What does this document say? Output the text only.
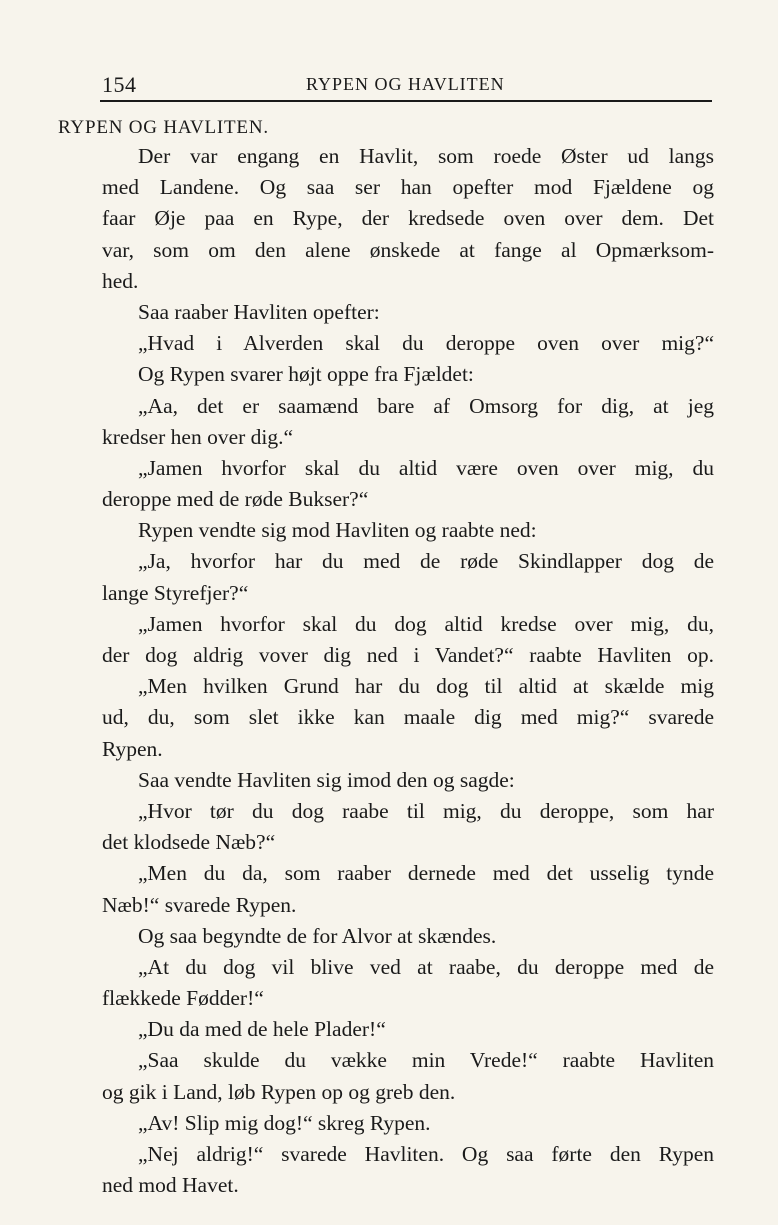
154	RYPEN OG HAVLITEN
RYPEN OG HAVLITEN.
Der var engang en Havlit, som roede Øster ud langs
med Landene. Og saa ser han opefter mod Fjældene og
faar Øje paa en Rype, der kredsede oven over dem. Det
var, som om den alene ønskede at fange al Opmærksom-
hed.
Saa raaber Havliten opefter:
„Hvad i Alverden skal du deroppe oven over mig?“
Og Rypen svarer højt oppe fra Fjældet:
„Aa, det er saamænd bare af Omsorg for dig, at jeg
kredser hen over dig.“
„Jamen hvorfor skal du altid være oven over mig, du
deroppe med de røde Bukser?“
Rypen vendte sig mod Havliten og raabte ned:
„Ja, hvorfor har du med de røde Skindlapper dog de
lange Styrefjer?“
„Jamen hvorfor skal du dog altid kredse over mig, du,
der dog aldrig vover dig ned i Vandet?“ raabte Havliten op.
„Men hvilken Grund har du dog til altid at skælde mig
ud, du, som slet ikke kan maale dig med mig?“ svarede
Rypen.
Saa vendte Havliten sig imod den og sagde:
„Hvor tør du dog raabe til mig, du deroppe, som har
det klodsede Næb?“
„Men du da, som raaber dernede med det usselig tynde
Næb!“ svarede Rypen.
Og saa begyndte de for Alvor at skændes.
„At du dog vil blive ved at raabe, du deroppe med de
flækkede Fødder!“
„Du da med de hele Plader!“
„Saa skulde du vække min Vrede!“ raabte Havliten
og gik i Land, løb Rypen op og greb den.
„Av! Slip mig dog!“ skreg Rypen.
„Nej aldrig!“ svarede Havliten. Og saa førte den Rypen
ned mod Havet.
